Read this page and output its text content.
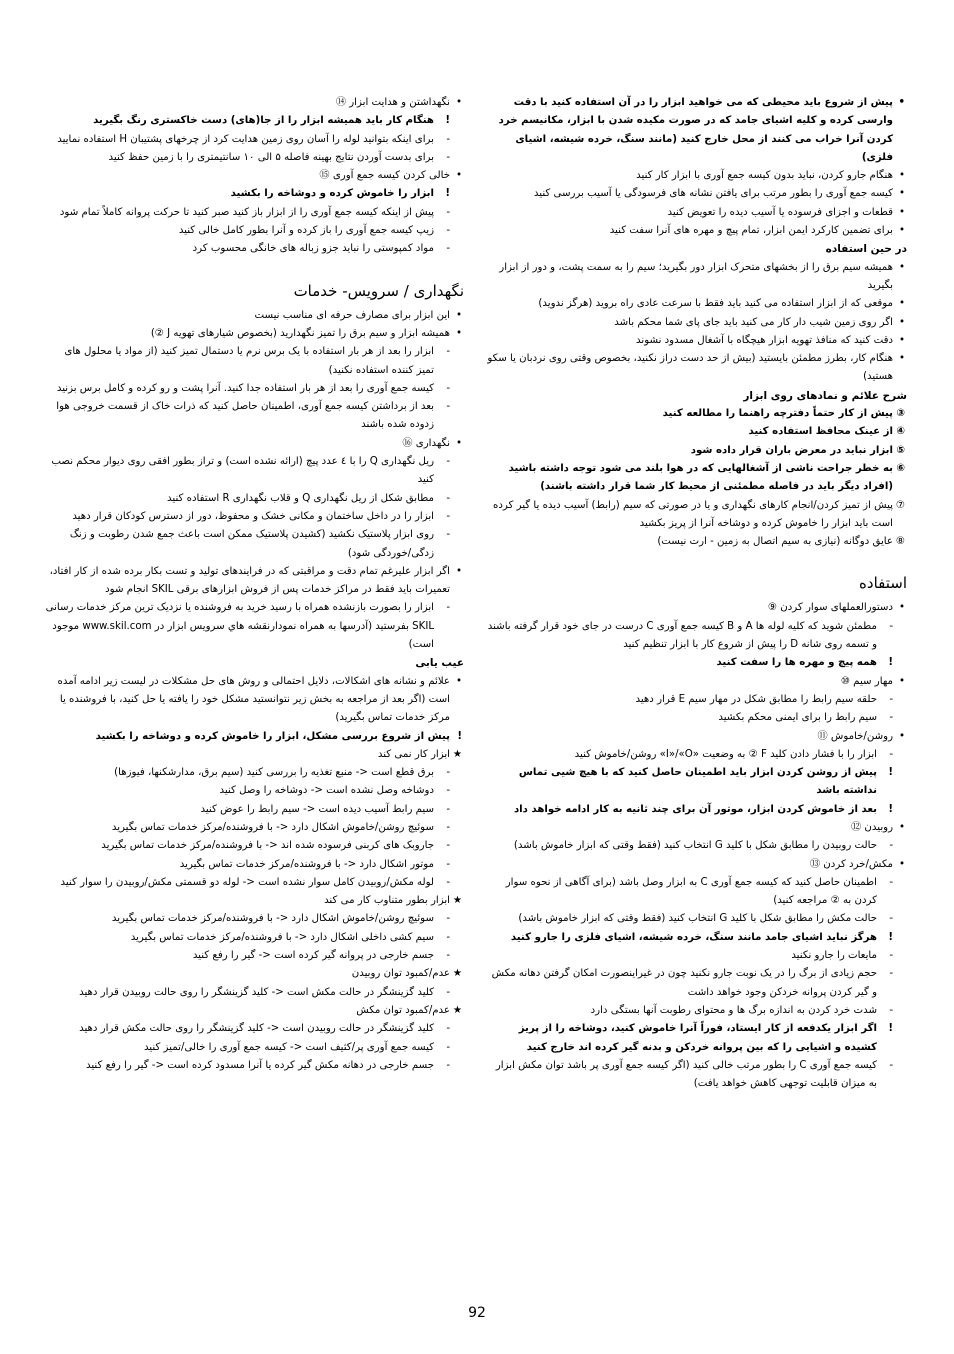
•
پیش از شروع باید محیطی که می خواهید ابزار را در آن استفاده کنید با دقت وارسی کرده و کلیه اشیای جامد که در صورت مکیده شدن با ابزار، مکانیسم خرد کردن آنرا خراب می کنند از محل خارج کنید (مانند سنگ، خرده شیشه، اشیای فلزی)
•
هنگام جارو کردن، نباید بدون کیسه جمع آوری با ابزار کار کنید
•
کیسه جمع آوری را بطور مرتب برای یافتن نشانه های فرسودگی یا آسیب بررسی کنید
•
قطعات و اجزای فرسوده یا آسیب دیده را تعویض کنید
•
برای تضمین کارکرد ایمن ابزار، تمام پیچ و مهره های آنرا سفت کنید
در حین استفاده
•
همیشه سیم برق را از بخشهای متحرک ابزار دور بگیرید؛ سیم را به سمت پشت، و دور از ابزار بگیرید
•
موقعی که از ابزار استفاده می کنید باید فقط با سرعت عادی راه بروید (هرگز ندوید)
•
اگر روی زمین شیب دار کار می کنید باید جای پای شما محکم باشد
•
دقت کنید که منافذ تهویه ابزار هیچگاه با آشغال مسدود نشوند
•
هنگام کار، بطرز مطمئن بایستید (بیش از حد دست دراز نکنید، بخصوص وقتی روی نردبان یا سکو هستید)
شرح علائم و نمادهای روی ابزار
③
پیش از کار حتماً دفترچه راهنما را مطالعه کنید
④
از عینک محافظ استفاده کنید
⑤
ابزار نباید در معرض باران قرار داده شود
⑥
به خطر جراحت ناشی از آشغالهایی که در هوا بلند می شود توجه داشته باشید (افراد دیگر باید در فاصله مطمئنی از محیط کار شما قرار داشته باشند)
⑦
پیش از تمیز کردن/انجام کارهای نگهداری و یا در صورتی که سیم (رابط) آسیب دیده یا گیر کرده است باید ابزار را خاموش کرده و دوشاخه آنرا از پریز بکشید
⑧
عایق دوگانه (نیازی به سیم اتصال به زمین - ارت نیست)
استفاده
•
دستورالعملهای سوار کردن ⑨
-
مطمئن شوید که کلیه لوله ها A و B کیسه جمع آوری C درست در جای خود قرار گرفته باشند و تسمه روی شانه D را پیش از شروع کار با ابزار تنظیم کنید
!
همه پیچ و مهره ها را سفت کنید
•
مهار سیم ⑩
-
حلقه سیم رابط را مطابق شکل در مهار سیم E قرار دهید
-
سیم رابط را برای ایمنی محکم بکشید
•
روشن/خاموش ⑪
-
ابزار را با فشار دادن کلید F ② به وضعیت «I»/«O» روشن/خاموش کنید
!
پیش از روشن کردن ابزار باید اطمینان حاصل کنید که با هیچ شیی تماس نداشته باشد
!
بعد از خاموش کردن ابزار، موتور آن برای چند ثانیه به کار ادامه خواهد داد
•
روبیدن ⑫
-
حالت روبیدن را مطابق شکل با کلید G انتخاب کنید (فقط وقتی که ابزار خاموش باشد)
•
مکش/خرد کردن ⑬
-
اطمینان حاصل کنید که کیسه جمع آوری C به ابزار وصل باشد (برای آگاهی از نحوه سوار کردن به ② مراجعه کنید)
-
حالت مکش را مطابق شکل با کلید G انتخاب کنید (فقط وقتی که ابزار خاموش باشد)
!
هرگز نباید اشیای جامد مانند سنگ، خرده شیشه، اشیای فلزی را جارو کنید
-
مایعات را جارو نکنید
-
حجم زیادی از برگ را در یک نوبت جارو نکنید چون در غیراینصورت امکان گرفتن دهانه مکش و گیر کردن پروانه خردکن وجود خواهد داشت
-
شدت خرد کردن به اندازه برگ ها و محتوای رطوبت آنها بستگی دارد
!
اگر ابزار یکدفعه از کار ایستاد، فوراً آنرا خاموش کنید، دوشاخه را از پریز کشیده و اشیایی را که بین پروانه خردکن و بدنه گیر کرده اند خارج کنید
-
کیسه جمع آوری C را بطور مرتب خالی کنید (اگر کیسه جمع آوری پر باشد توان مکش ابزار به میزان قابلیت توجهی کاهش خواهد یافت)
•
نگهداشتن و هدایت ابزار ⑭
!
هنگام کار باید همیشه ابزار را از جا(های) دست خاکستری رنگ بگیرید
-
برای اینکه بتوانید لوله را آسان روی زمین هدایت کرد از چرخهای پشتیبان H استفاده نمایید
-
برای بدست آوردن نتایج بهینه فاصله ۵ الی ۱۰ سانتیمتری را با زمین حفظ کنید
•
خالی کردن کیسه جمع آوری ⑮
!
ابزار را خاموش کرده و دوشاخه را بکشید
-
پیش از اینکه کیسه جمع آوری را از ابزار باز کنید صبر کنید تا حرکت پروانه کاملاً تمام شود
-
زیپ کیسه جمع آوری را باز کرده و آنرا بطور کامل خالی کنید
-
مواد کمپوستی را نباید جزو زباله های خانگی محسوب کرد
نگهداری / سرویس- خدمات
•
این ابزار برای مصارف حرفه ای مناسب نیست
•
همیشه ابزار و سیم برق را تمیز نگهدارید (بخصوص شیارهای تهویه J ②)
-
ابزار را بعد از هر بار استفاده با یک برس نرم یا دستمال تمیز کنید (از مواد یا محلول های تمیز کننده استفاده نکنید)
-
کیسه جمع آوری را بعد از هر بار استفاده جدا کنید. آنرا پشت و رو کرده و کامل برس بزنید
-
بعد از برداشتن کیسه جمع آوری، اطمینان حاصل کنید که ذرات خاک از قسمت خروجی هوا زدوده شده باشند
•
نگهداری ⑯
-
ریل نگهداری Q را با ٤ عدد پیچ (ارائه نشده است) و تراز بطور افقی روی دیوار محکم نصب کنید
-
مطابق شکل از ریل نگهداری Q و قلاب نگهداری R استفاده کنید
-
ابزار را در داخل ساختمان و مکانی خشک و محفوظ، دور از دسترس کودکان قرار دهید
-
روی ابزار پلاستیک نکشید (کشیدن پلاستیک ممکن است باعث جمع شدن رطوبت و زنگ زدگی/خوردگی شود)
•
اگر ابزار علیرغم تمام دقت و مراقبتی که در فرایندهای تولید و تست بکار برده شده از کار افتاد، تعمیرات باید فقط در مراکز خدمات پس از فروش ابزارهای برقی SKIL انجام شود
-
ابزار را بصورت بازنشده همراه با رسید خرید به فروشنده یا نزدیک ترین مرکز خدمات رسانی SKIL بفرستید (آدرسها به همراه نمودارنقشه هاي سرویس ابزار در www.skil.com موجود است)
عیب یابی
•
علائم و نشانه های اشکالات، دلایل احتمالی و روش های حل مشکلات در لیست زیر ادامه آمده است (اگر بعد از مراجعه به بخش زیر نتوانستید مشکل خود را یافته یا حل کنید، با فروشنده یا مرکز خدمات تماس بگیرید)
!
پیش از شروع بررسی مشکل، ابزار را خاموش کرده و دوشاخه را بکشید
★
ابزار کار نمی کند
-
برق قطع است <- منبع تغذیه را بررسی کنید (سیم برق، مدارشکنها، فیوزها)
-
دوشاخه وصل نشده است <- دوشاخه را وصل کنید
-
سیم رابط آسیب دیده است <- سیم رابط را عوض کنید
-
سوئیچ روشن/خاموش اشکال دارد <- با فروشنده/مرکز خدمات تماس بگیرید
-
جاروبک های کربنی فرسوده شده اند <- با فروشنده/مرکز خدمات تماس بگیرید
-
موتور اشکال دارد <- با فروشنده/مرکز خدمات تماس بگیرید
-
لوله مکش/روبیدن کامل سوار نشده است <- لوله دو قسمتی مکش/روبیدن را سوار کنید
★
ابزار بطور متناوب کار می کند
-
سوئیچ روشن/خاموش اشکال دارد <- با فروشنده/مرکز خدمات تماس بگیرید
-
سیم کشی داخلی اشکال دارد <- با فروشنده/مرکز خدمات تماس بگیرید
-
جسم خارجی در پروانه گیر کرده است <- گیر را رفع کنید
★
عدم/کمبود توان روبیدن
-
کلید گزینشگر در حالت مکش است <- کلید گزینشگر را روی حالت روبیدن قرار دهید
★
عدم/کمبود توان مکش
-
کلید گزینشگر در حالت روبیدن است <- کلید گزینشگر را روی حالت مکش قرار دهید
-
کیسه جمع آوری پر/کثیف است <- کیسه جمع آوری را خالی/تمیز کنید
-
جسم خارجی در دهانه مکش گیر کرده یا آنرا مسدود کرده است <- گیر را رفع کنید
92
